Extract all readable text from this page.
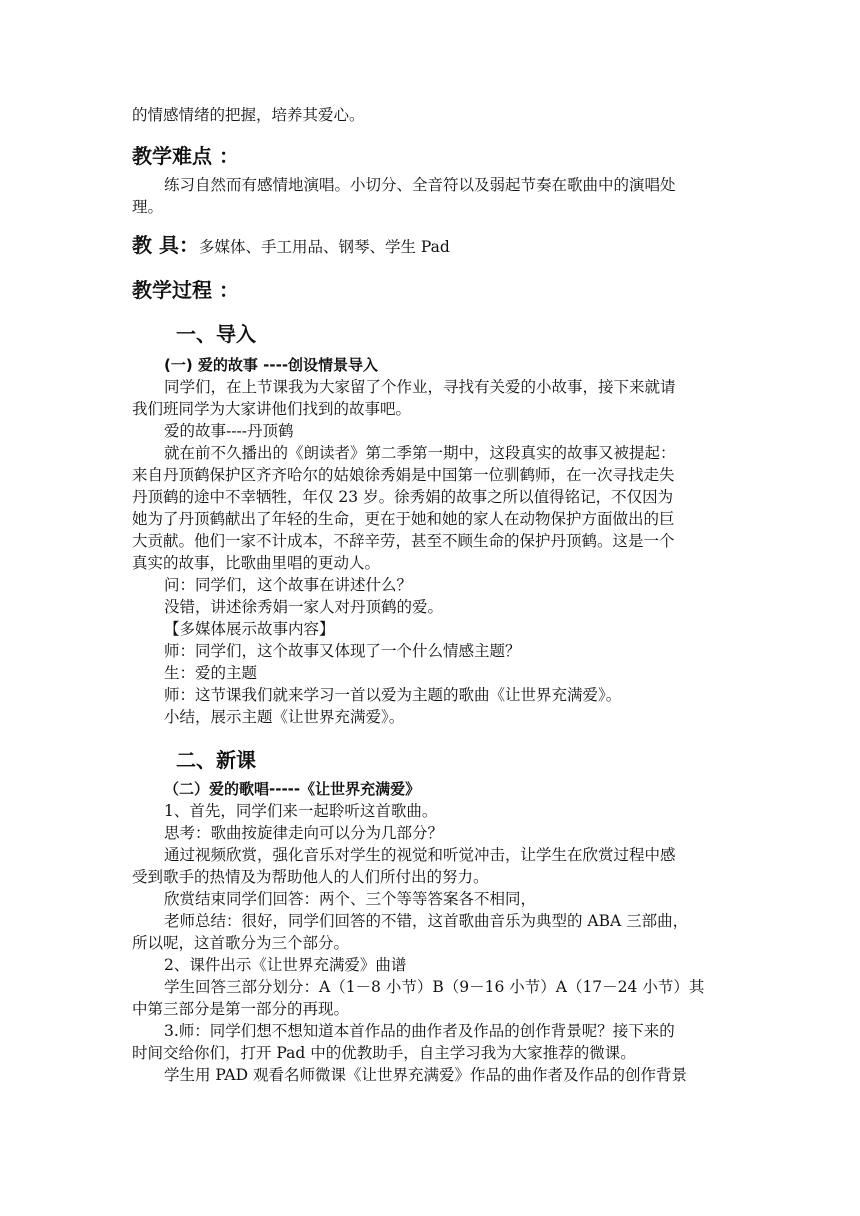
的情感情绪的把握，培养其爱心。
教学难点 ：
练习自然而有感情地演唱。小切分、全音符以及弱起节奏在歌曲中的演唱处
理。
教 具：多媒体、手工用品、钢琴、学生 Pad
教学过程 ：
一、导入
(一) 爱的故事 ----创设情景导入
同学们，在上节课我为大家留了个作业，寻找有关爱的小故事，接下来就请
我们班同学为大家讲他们找到的故事吧。
爱的故事----丹顶鹤
就在前不久播出的《朗读者》第二季第一期中，这段真实的故事又被提起：
来自丹顶鹤保护区齐齐哈尔的姑娘徐秀娟是中国第一位驯鹤师，在一次寻找走失
丹顶鹤的途中不幸牺牲，年仅 23 岁。徐秀娟的故事之所以值得铭记，不仅因为
她为了丹顶鹤献出了年轻的生命，更在于她和她的家人在动物保护方面做出的巨
大贡献。他们一家不计成本，不辞辛劳，甚至不顾生命的保护丹顶鹤。这是一个
真实的故事，比歌曲里唱的更动人。
问：同学们，这个故事在讲述什么？
没错，讲述徐秀娟一家人对丹顶鹤的爱。
【多媒体展示故事内容】
师：同学们，这个故事又体现了一个什么情感主题？
生：爱的主题
师：这节课我们就来学习一首以爱为主题的歌曲《让世界充满爱》。
小结，展示主题《让世界充满爱》。
二、新课
（二）爱的歌唱-----《让世界充满爱》
1、首先，同学们来一起聆听这首歌曲。
思考：歌曲按旋律走向可以分为几部分？
通过视频欣赏，强化音乐对学生的视觉和听觉冲击，让学生在欣赏过程中感
受到歌手的热情及为帮助他人的人们所付出的努力。
欣赏结束同学们回答：两个、三个等等答案各不相同，
老师总结：很好，同学们回答的不错，这首歌曲音乐为典型的 ABA 三部曲，
所以呢，这首歌分为三个部分。
2、课件出示《让世界充满爱》曲谱
学生回答三部分划分：A（1－8 小节）B（9－16 小节）A（17－24 小节）其
中第三部分是第一部分的再现。
3.师：同学们想不想知道本首作品的曲作者及作品的创作背景呢？接下来的
时间交给你们，打开 Pad 中的优教助手，自主学习我为大家推荐的微课。
学生用 PAD 观看名师微课《让世界充满爱》作品的曲作者及作品的创作背景
